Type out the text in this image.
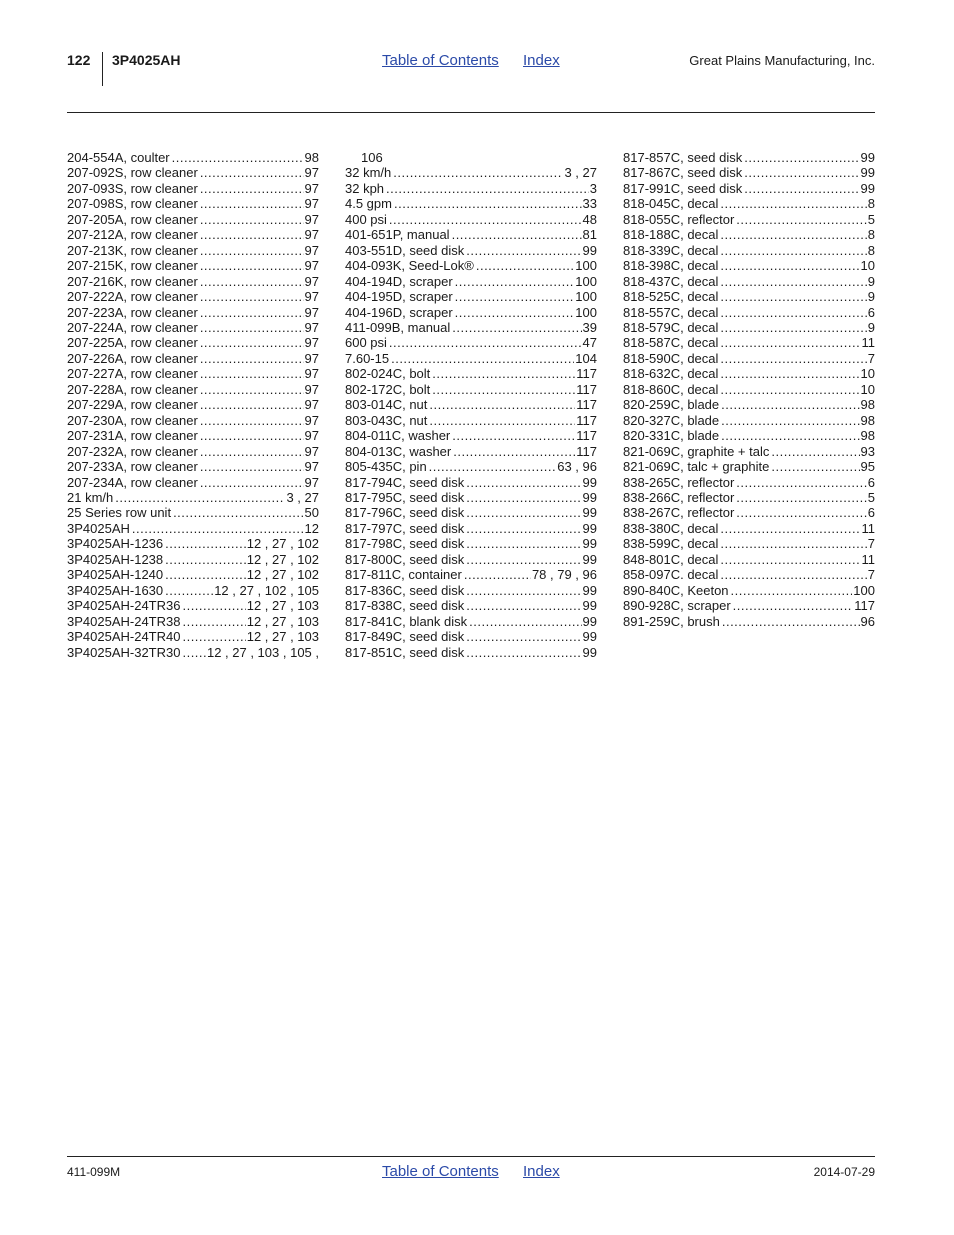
122 3P4025AH	Table of Contents Index	Great Plains Manufacturing, Inc.
204-554A, coulter .....	98
207-092S, row cleaner .....	97
207-093S, row cleaner .....	97
207-098S, row cleaner .....	97
207-205A, row cleaner .....	97
207-212A, row cleaner .....	97
207-213K, row cleaner .....	97
207-215K, row cleaner .....	97
207-216K, row cleaner .....	97
207-222A, row cleaner .....	97
207-223A, row cleaner .....	97
207-224A, row cleaner .....	97
207-225A, row cleaner .....	97
207-226A, row cleaner .....	97
207-227A, row cleaner .....	97
207-228A, row cleaner .....	97
207-229A, row cleaner .....	97
207-230A, row cleaner .....	97
207-231A, row cleaner .....	97
207-232A, row cleaner .....	97
207-233A, row cleaner .....	97
207-234A, row cleaner .....	97
21 km/h .....	3 , 27
25 Series row unit .....	50
3P4025AH .....	12
3P4025AH-1236 .....	12 , 27 , 102
3P4025AH-1238 .....	12 , 27 , 102
3P4025AH-1240 .....	12 , 27 , 102
3P4025AH-1630 .....	12 , 27 , 102 , 105
3P4025AH-24TR36 .....	12 , 27 , 103
3P4025AH-24TR38 .....	12 , 27 , 103
3P4025AH-24TR40 .....	12 , 27 , 103
3P4025AH-32TR30 ..... 12 , 27 , 103 , 105 ,
106
32 km/h .....	3 , 27
32 kph .....	3
4.5 gpm .....	33
400 psi .....	48
401-651P, manual .....	81
403-551D, seed disk .....	99
404-093K, Seed-Lok® .....	100
404-194D, scraper .....	100
404-195D, scraper .....	100
404-196D, scraper .....	100
411-099B, manual .....	39
600 psi .....	47
7.60-15 .....	104
802-024C, bolt .....	117
802-172C, bolt .....	117
803-014C, nut .....	117
803-043C, nut .....	117
804-011C, washer .....	117
804-013C, washer .....	117
805-435C, pin .....	63 , 96
817-794C, seed disk .....	99
817-795C, seed disk .....	99
817-796C, seed disk .....	99
817-797C, seed disk .....	99
817-798C, seed disk .....	99
817-800C, seed disk .....	99
817-811C, container .....	78 , 79 , 96
817-836C, seed disk .....	99
817-838C, seed disk .....	99
817-841C, blank disk .....	99
817-849C, seed disk .....	99
817-851C, seed disk .....	99
817-857C, seed disk .....	99
817-867C, seed disk .....	99
817-991C, seed disk .....	99
818-045C, decal .....	8
818-055C, reflector .....	5
818-188C, decal .....	8
818-339C, decal .....	8
818-398C, decal .....	10
818-437C, decal .....	9
818-525C, decal .....	9
818-557C, decal .....	6
818-579C, decal .....	9
818-587C, decal .....	11
818-590C, decal .....	7
818-632C, decal .....	10
818-860C, decal .....	10
820-259C, blade .....	98
820-327C, blade .....	98
820-331C, blade .....	98
821-069C, graphite + talc .....	93
821-069C, talc + graphite .....	95
838-265C, reflector .....	6
838-266C, reflector .....	5
838-267C, reflector .....	6
838-380C, decal .....	11
838-599C, decal .....	7
848-801C, decal .....	11
858-097C. decal .....	7
890-840C, Keeton .....	100
890-928C, scraper .....	117
891-259C, brush .....	96
411-099M	Table of Contents Index	2014-07-29
